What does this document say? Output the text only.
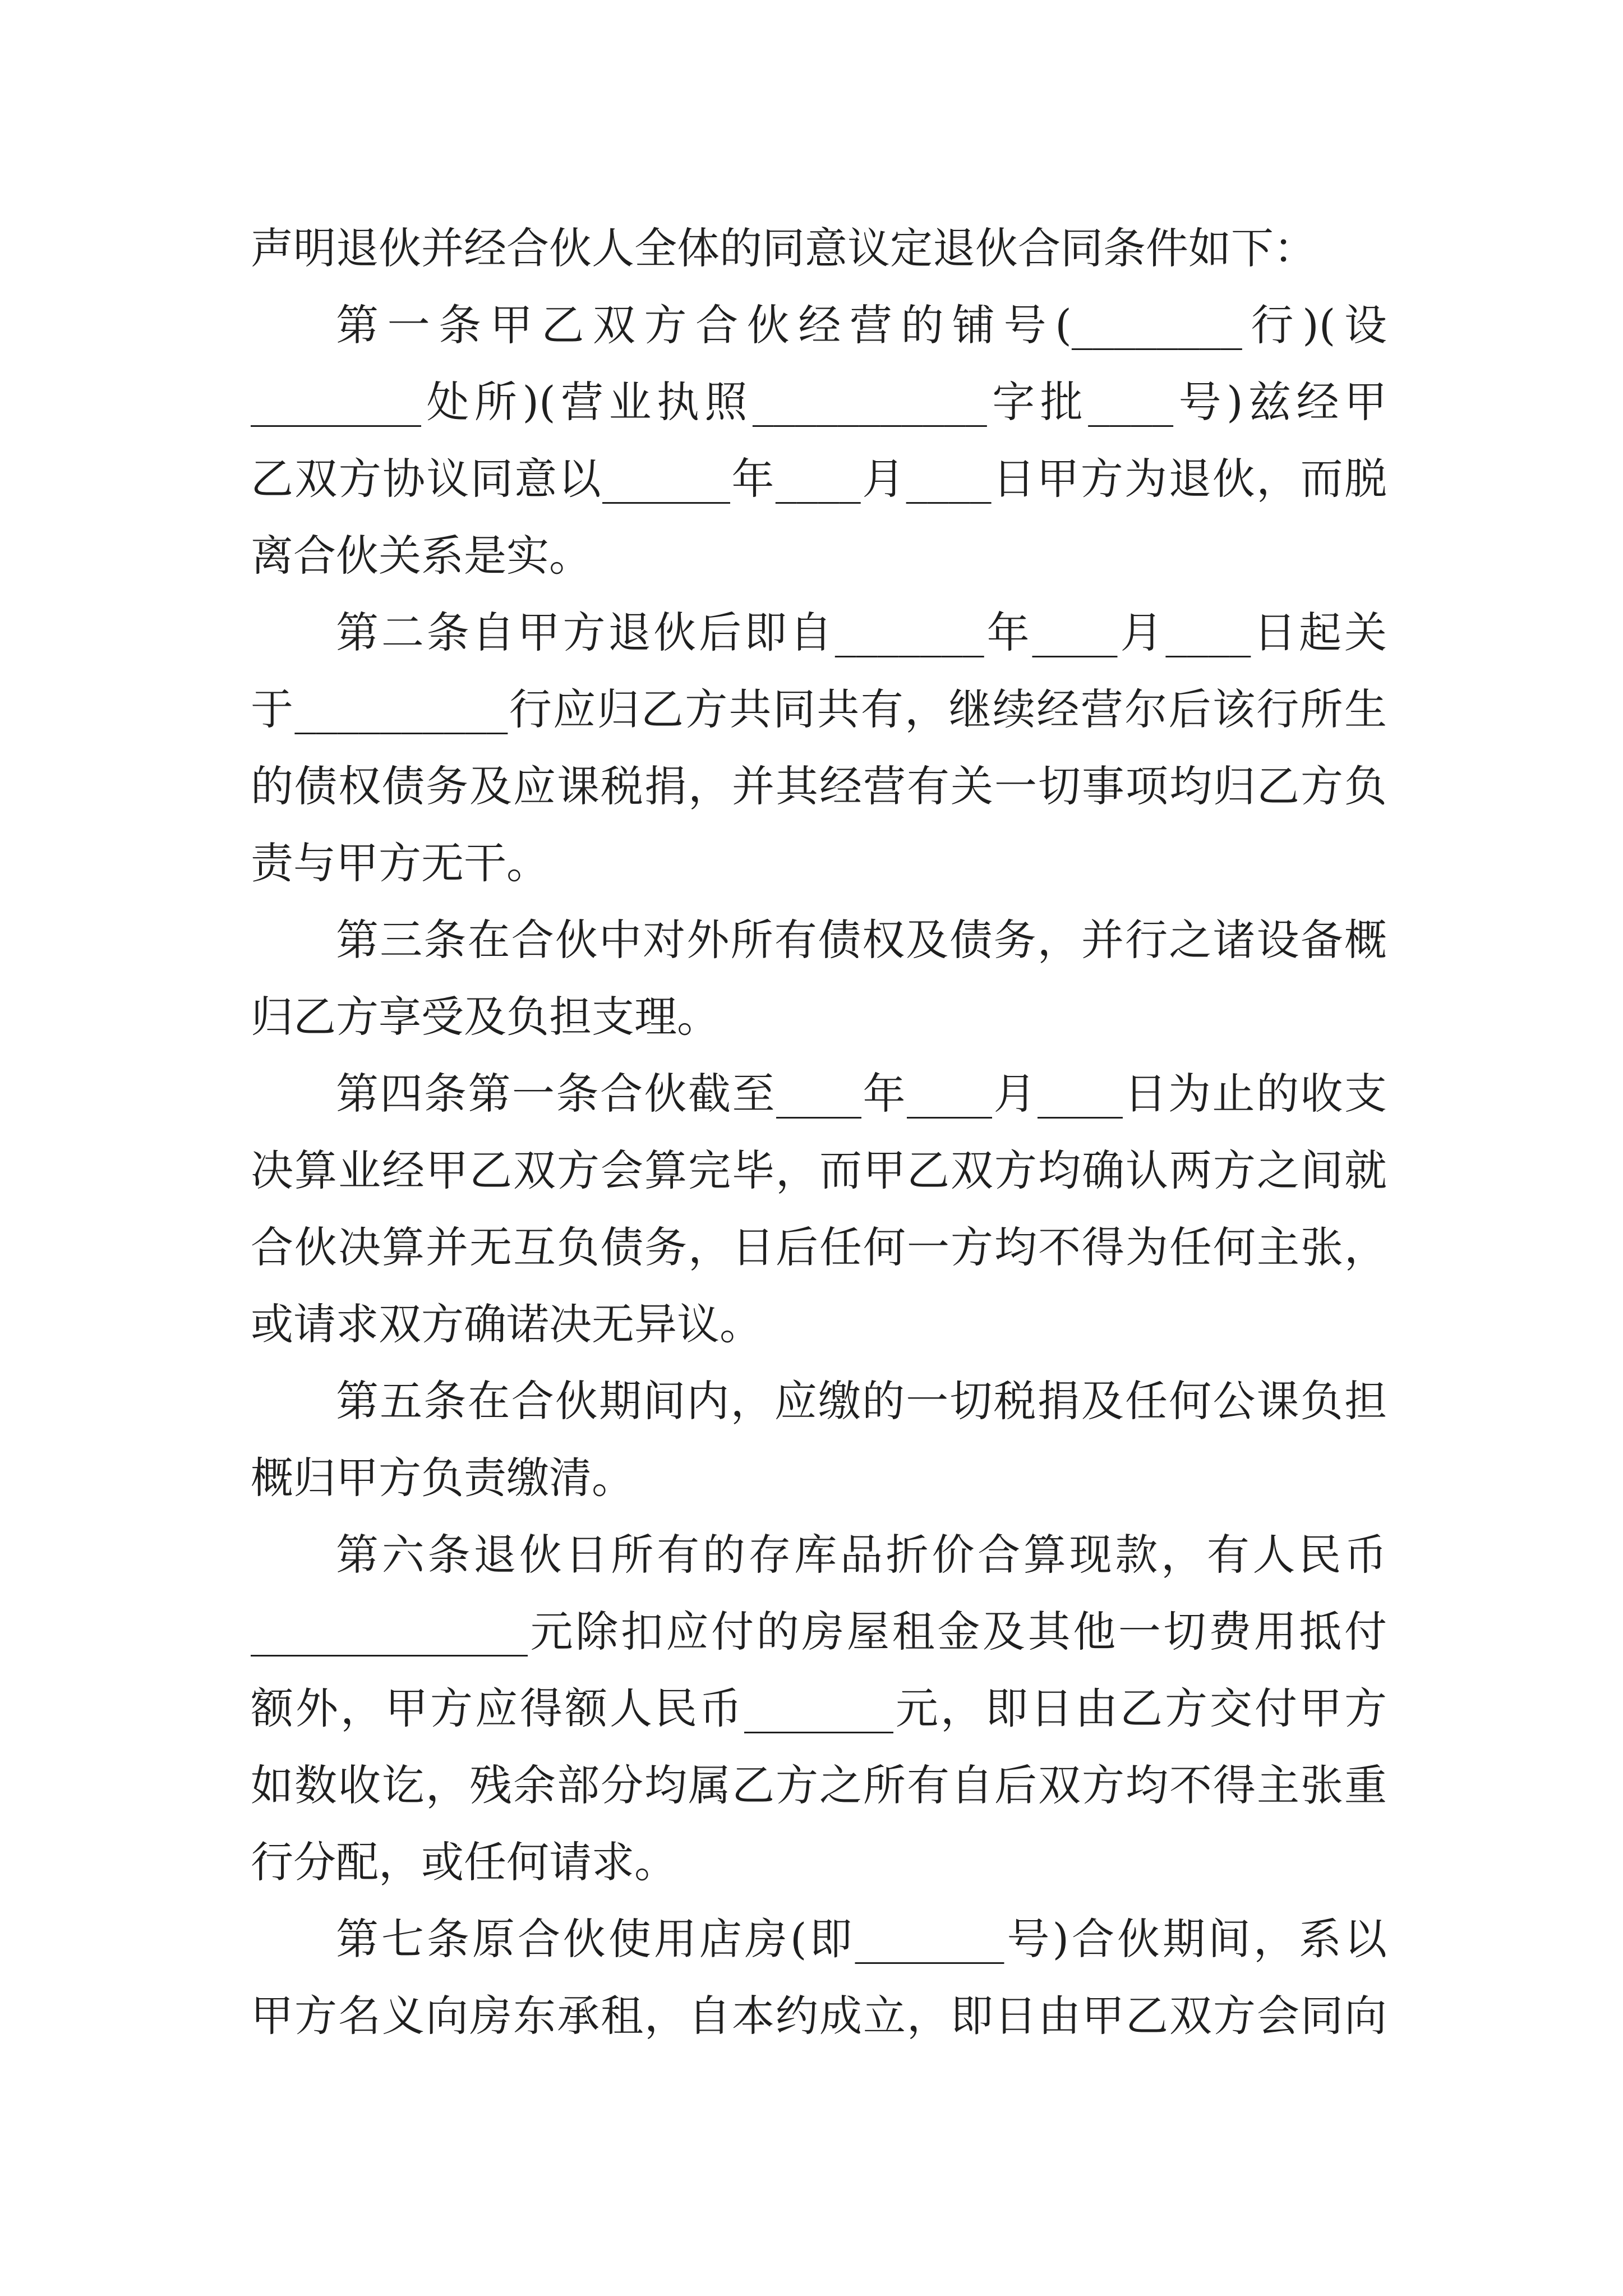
声明退伙并经合伙人全体的同意议定退伙合同条件如下：
第一条甲乙双方合伙经营的铺号(________行)(设
________处所)(营业执照___________字批____号)兹经甲
乙双方协议同意以______年____月____日甲方为退伙，而脱
离合伙关系是实。
第二条自甲方退伙后即自_______年____月____日起关
于__________行应归乙方共同共有，继续经营尔后该行所生
的债权债务及应课税捐，并其经营有关一切事项均归乙方负
责与甲方无干。
第三条在合伙中对外所有债权及债务，并行之诸设备概
归乙方享受及负担支理。
第四条第一条合伙截至____年____月____日为止的收支
决算业经甲乙双方会算完毕，而甲乙双方均确认两方之间就
合伙决算并无互负债务，日后任何一方均不得为任何主张，
或请求双方确诺决无异议。
第五条在合伙期间内，应缴的一切税捐及任何公课负担
概归甲方负责缴清。
第六条退伙日所有的存库品折价合算现款，有人民币
_____________元除扣应付的房屋租金及其他一切费用抵付
额外，甲方应得额人民币_______元，即日由乙方交付甲方
如数收讫，残余部分均属乙方之所有自后双方均不得主张重
行分配，或任何请求。
第七条原合伙使用店房(即_______号)合伙期间，系以
甲方名义向房东承租，自本约成立，即日由甲乙双方会同向
